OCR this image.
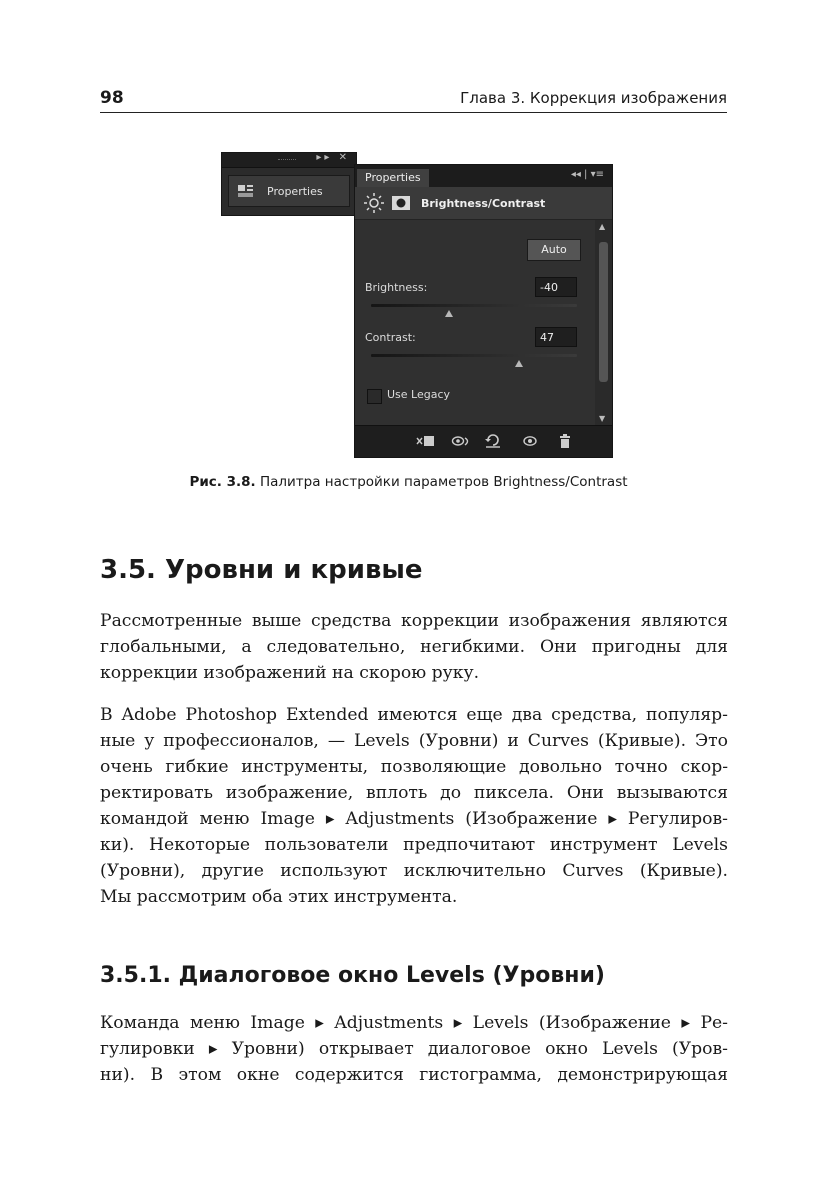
98	Глава 3. Коррекция изображения
▸▸ ✕
Properties
Properties	◂◂ | ▾≡
Brightness/Contrast
Auto
Brightness:	-40
Contrast:	47
Use Legacy
▲
▼
Рис. 3.8. Палитра настройки параметров Brightness/Contrast
3.5. Уровни и кривые
Рассмотренные выше средства коррекции изображения являются
глобальными, а следовательно, негибкими. Они пригодны для
коррекции изображений на скорою руку.
В Adobe Photoshop Extended имеются еще два средства, популяр-
ные у профессионалов, — Levels (Уровни) и Curves (Кривые). Это
очень гибкие инструменты, позволяющие довольно точно скор-
ректировать изображение, вплоть до пиксела. Они вызываются
командой меню Image ▸ Adjustments (Изображение ▸ Регулиров-
ки). Некоторые пользователи предпочитают инструмент Levels
(Уровни), другие используют исключительно Curves (Кривые).
Мы рассмотрим оба этих инструмента.
3.5.1. Диалоговое окно Levels (Уровни)
Команда меню Image ▸ Adjustments ▸ Levels (Изображение ▸ Ре-
гулировки ▸ Уровни) открывает диалоговое окно Levels (Уров-
ни). В этом окне содержится гистограмма, демонстрирующая
